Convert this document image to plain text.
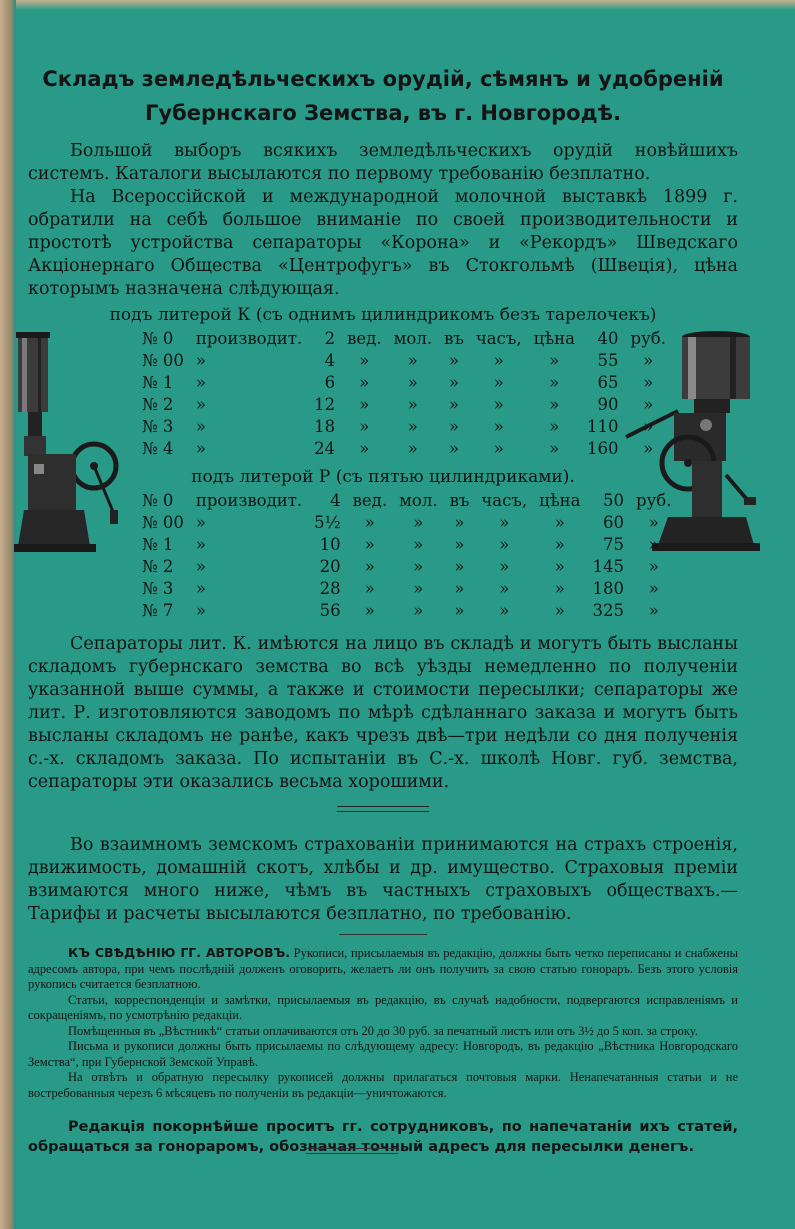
Складъ земледѣльческихъ орудій, сѣмянъ и удобреній Губернскаго Земства, въ г. Новгородѣ.

Большой выборъ всякихъ земледѣльческихъ орудій новѣйшихъ системъ. Каталоги высылаются по первому требованію безплатно.

На Всероссійской и международной молочной выставкѣ 1899 г. обратили на себѣ большое вниманіе по своей производительности и простотѣ устройства сепараторы «Корона» и «Рекордъ» Шведскаго Акціонернаго Общества «Центрофугъ» въ Стокгольмѣ (Швеція), цѣна которымъ назначена слѣдующая.

подъ литерой К (съ однимъ цилиндрикомъ безъ тарелочекъ)
№ 0	производит.	2	вед.	мол.	въ	часъ,	цѣна	40	руб.
№ 00	»	4	»	»	»	»	»	55	»
№ 1	»	6	»	»	»	»	»	65	»
№ 2	»	12	»	»	»	»	»	90	»
№ 3	»	18	»	»	»	»	»	110	»
№ 4	»	24	»	»	»	»	»	160	»
подъ литерой Р (съ пятью цилиндриками).
№ 0	производит.	4	вед.	мол.	въ	часъ,	цѣна	50	руб.
№ 00	»	5½	»	»	»	»	»	60	»
№ 1	»	10	»	»	»	»	»	75	»
№ 2	»	20	»	»	»	»	»	145	»
№ 3	»	28	»	»	»	»	»	180	»
№ 7	»	56	»	»	»	»	»	325	»

Сепараторы лит. К. имѣются на лицо въ складѣ и могутъ быть высланы складомъ губернскаго земства во всѣ уѣзды немедленно по полученіи указанной выше суммы, а также и стоимости пересылки; сепараторы же лит. Р. изготовляются заводомъ по мѣрѣ сдѣланнаго заказа и могутъ быть высланы складомъ не ранѣе, какъ чрезъ двѣ—три недѣли со дня полученія с.-х. складомъ заказа. По испытаніи въ С.-х. школѣ Новг. губ. земства, сепараторы эти оказались весьма хорошими.

Во взаимномъ земскомъ страхованіи принимаются на страхъ строенія, движимость, домашній скотъ, хлѣбы и др. имущество. Страховыя преміи взимаются много ниже, чѣмъ въ частныхъ страховыхъ обществахъ.—Тарифы и расчеты высылаются безплатно, по требованію.

КЪ СВѢДѢНІЮ ГГ. АВТОРОВЪ. Рукописи, присылаемыя въ редакцію, должны быть четко переписаны и снабжены адресомъ автора, при чемъ послѣдній долженъ оговорить, желаетъ ли онъ получить за свою статью гонораръ. Безъ этого условія рукопись считается безплатною.

Статьи, корреспонденціи и замѣтки, присылаемыя въ редакцію, въ случаѣ надобности, подвергаются исправленіямъ и сокращеніямъ, по усмотрѣнію редакціи.

Помѣщенныя въ „Вѣстникѣ“ статьи оплачиваются отъ 20 до 30 руб. за печатный листъ или отъ 3½ до 5 коп. за строку.

Письма и рукописи должны быть присылаемы по слѣдующему адресу: Новгородъ, въ редакцію „Вѣстника Новгородскаго Земства“, при Губернской Земской Управѣ.

На отвѣтъ и обратную пересылку рукописей должны прилагаться почтовыя марки. Ненапечатанныя статьи и не востребованныя черезъ 6 мѣсяцевъ по полученіи въ редакціи—уничтожаются.

Редакція покорнѣйше проситъ гг. сотрудниковъ, по напечатаніи ихъ статей, обращаться за гонораромъ, обозначая точный адресъ для пересылки денегъ.
